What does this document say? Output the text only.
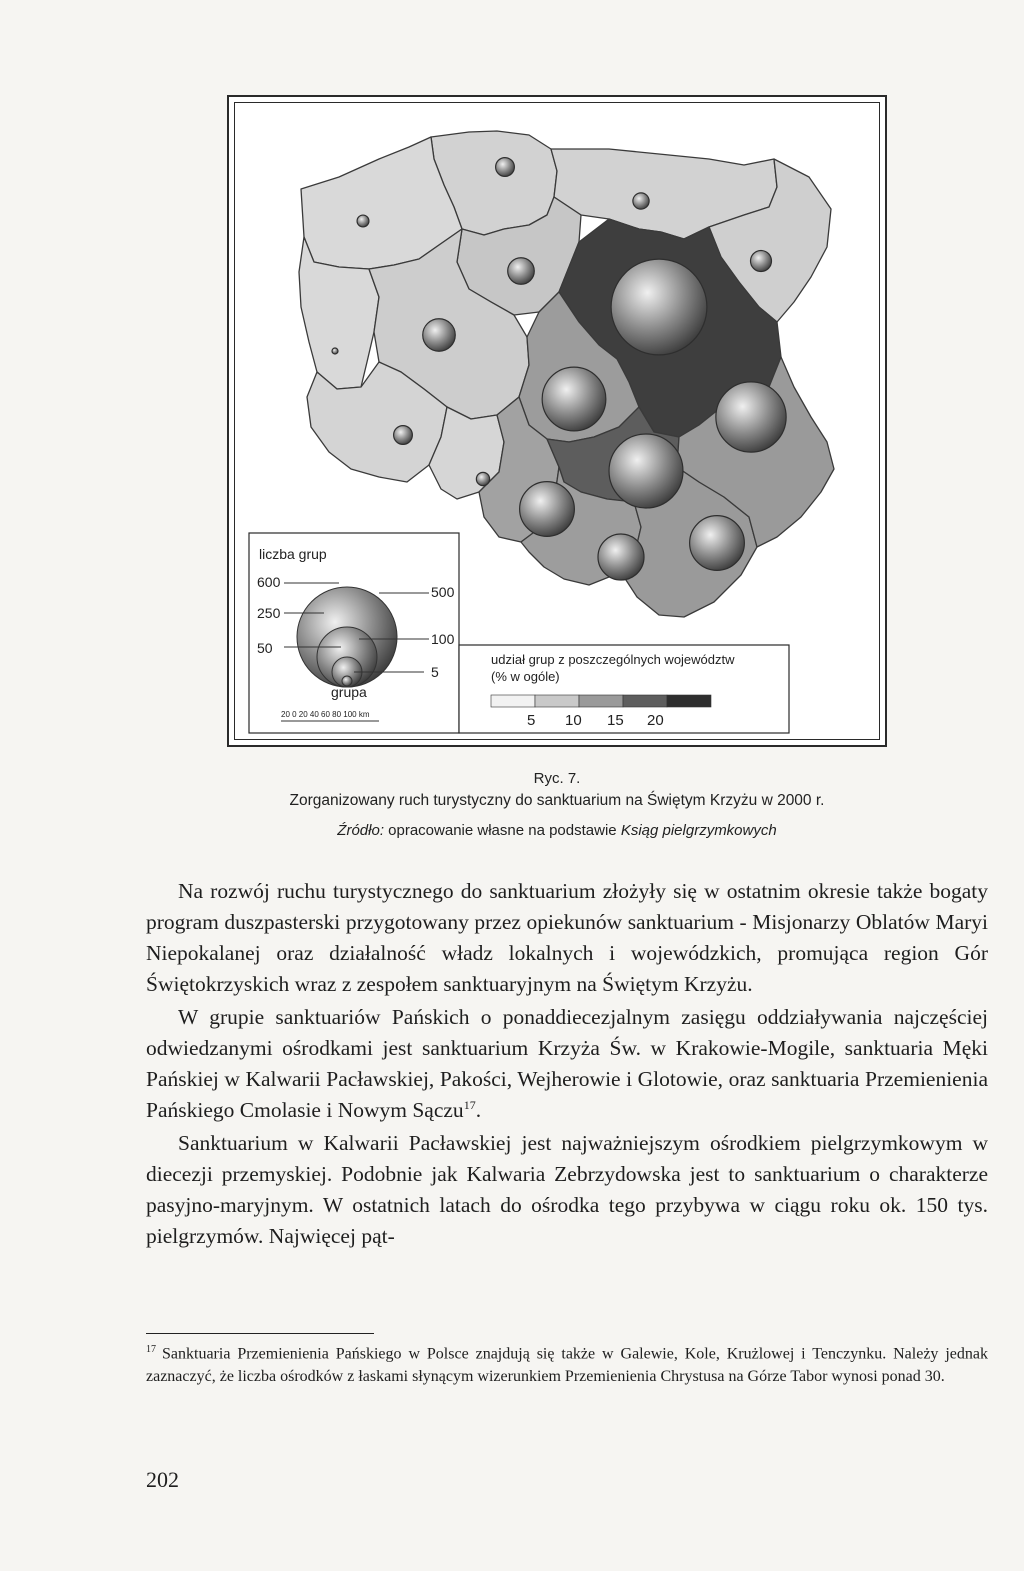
liczba grup
600
250
50
500
100
5
grupa
20 0 20 40 60 80 100 km
udział grup z poszczególnych województw
(% w ogóle)
5 10 15 20
Ryc. 7.
Zorganizowany ruch turystyczny do sanktuarium na Świętym Krzyżu w 2000 r.
Źródło: opracowanie własne na podstawie Ksiąg pielgrzymkowych

Na rozwój ruchu turystycznego do sanktuarium złożyły się w ostatnim okresie także bogaty program duszpasterski przygotowany przez opiekunów sanktuarium - Misjonarzy Oblatów Maryi Niepokalanej oraz działalność władz lokalnych i wojewódzkich, promująca region Gór Świętokrzyskich wraz z zespołem sanktuaryjnym na Świętym Krzyżu.

W grupie sanktuariów Pańskich o ponaddiecezjalnym zasięgu oddziaływania najczęściej odwiedzanymi ośrodkami jest sanktuarium Krzyża Św. w Krakowie-Mogile, sanktuaria Męki Pańskiej w Kalwarii Pacławskiej, Pakości, Wejherowie i Glotowie, oraz sanktuaria Przemienienia Pańskiego Cmolasie i Nowym Sączu$^{17}$.

Sanktuarium w Kalwarii Pacławskiej jest najważniejszym ośrodkiem pielgrzymkowym w diecezji przemyskiej. Podobnie jak Kalwaria Zebrzydowska jest to sanktuarium o charakterze pasyjno-maryjnym. W ostatnich latach do ośrodka tego przybywa w ciągu roku ok. 150 tys. pielgrzymów. Najwięcej pąt-

$^{17}$ Sanktuaria Przemienienia Pańskiego w Polsce znajdują się także w Galewie, Kole, Krużlowej i Tenczynku. Należy jednak zaznaczyć, że liczba ośrodków z łaskami słynącym wizerunkiem Przemienienia Chrystusa na Górze Tabor wynosi ponad 30.
202
